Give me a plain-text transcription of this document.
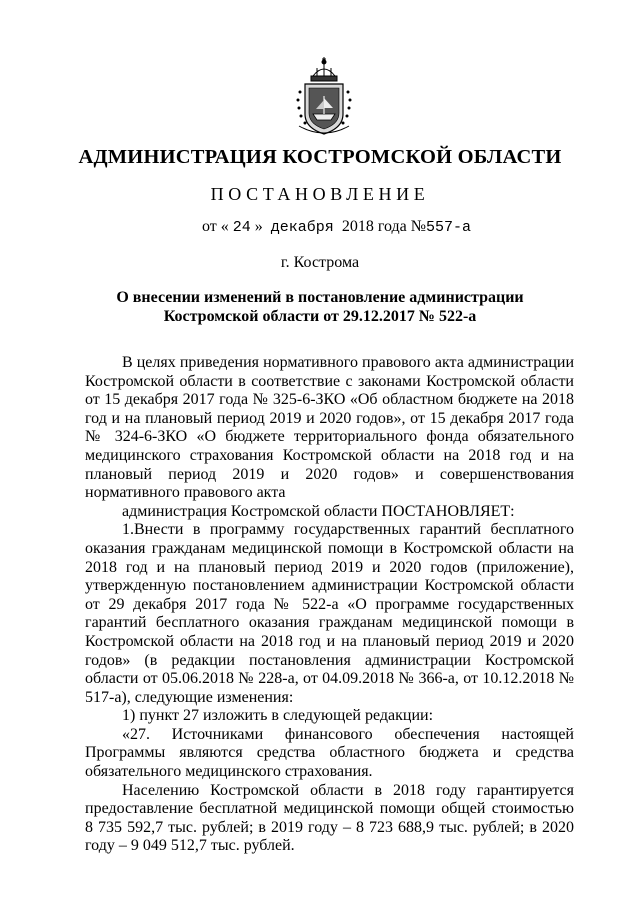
АДМИНИСТРАЦИЯ КОСТРОМСКОЙ ОБЛАСТИ
ПОСТАНОВЛЕНИЕ
от « 24 »  декабря  2018 года №557-а
г. Кострома
О внесении изменений в постановление администрации
Костромской области от 29.12.2017 № 522-а

В целях приведения нормативного правового акта администрации Костромской области в соответствие с законами Костромской области от 15 декабря 2017 года № 325-6-ЗКО «Об областном бюджете на 2018 год и на плановый период 2019 и 2020 годов», от 15 декабря 2017 года № 324-6-ЗКО «О бюджете территориального фонда обязательного медицинского страхования Костромской области на 2018 год и на плановый период 2019 и 2020 годов» и совершенствования нормативного правового акта

администрация Костромской области ПОСТАНОВЛЯЕТ:

1.Внести в программу государственных гарантий бесплатного оказания гражданам медицинской помощи в Костромской области на 2018 год и на плановый период 2019 и 2020 годов (приложение), утвержденную постановлением администрации Костромской области от 29 декабря 2017 года № 522-а «О программе государственных гарантий бесплатного оказания гражданам медицинской помощи в Костромской области на 2018 год и на плановый период 2019 и 2020 годов» (в редакции постановления администрации Костромской области от 05.06.2018 № 228-а, от 04.09.2018 № 366-а, от 10.12.2018 № 517-а), следующие изменения:

1) пункт 27 изложить в следующей редакции:

«27. Источниками финансового обеспечения настоящей Программы являются средства областного бюджета и средства обязательного медицинского страхования.

Населению Костромской области в 2018 году гарантируется предоставление бесплатной медицинской помощи общей стоимостью 8 735 592,7 тыс. рублей; в 2019 году – 8 723 688,9 тыс. рублей; в 2020 году – 9 049 512,7 тыс. рублей.
